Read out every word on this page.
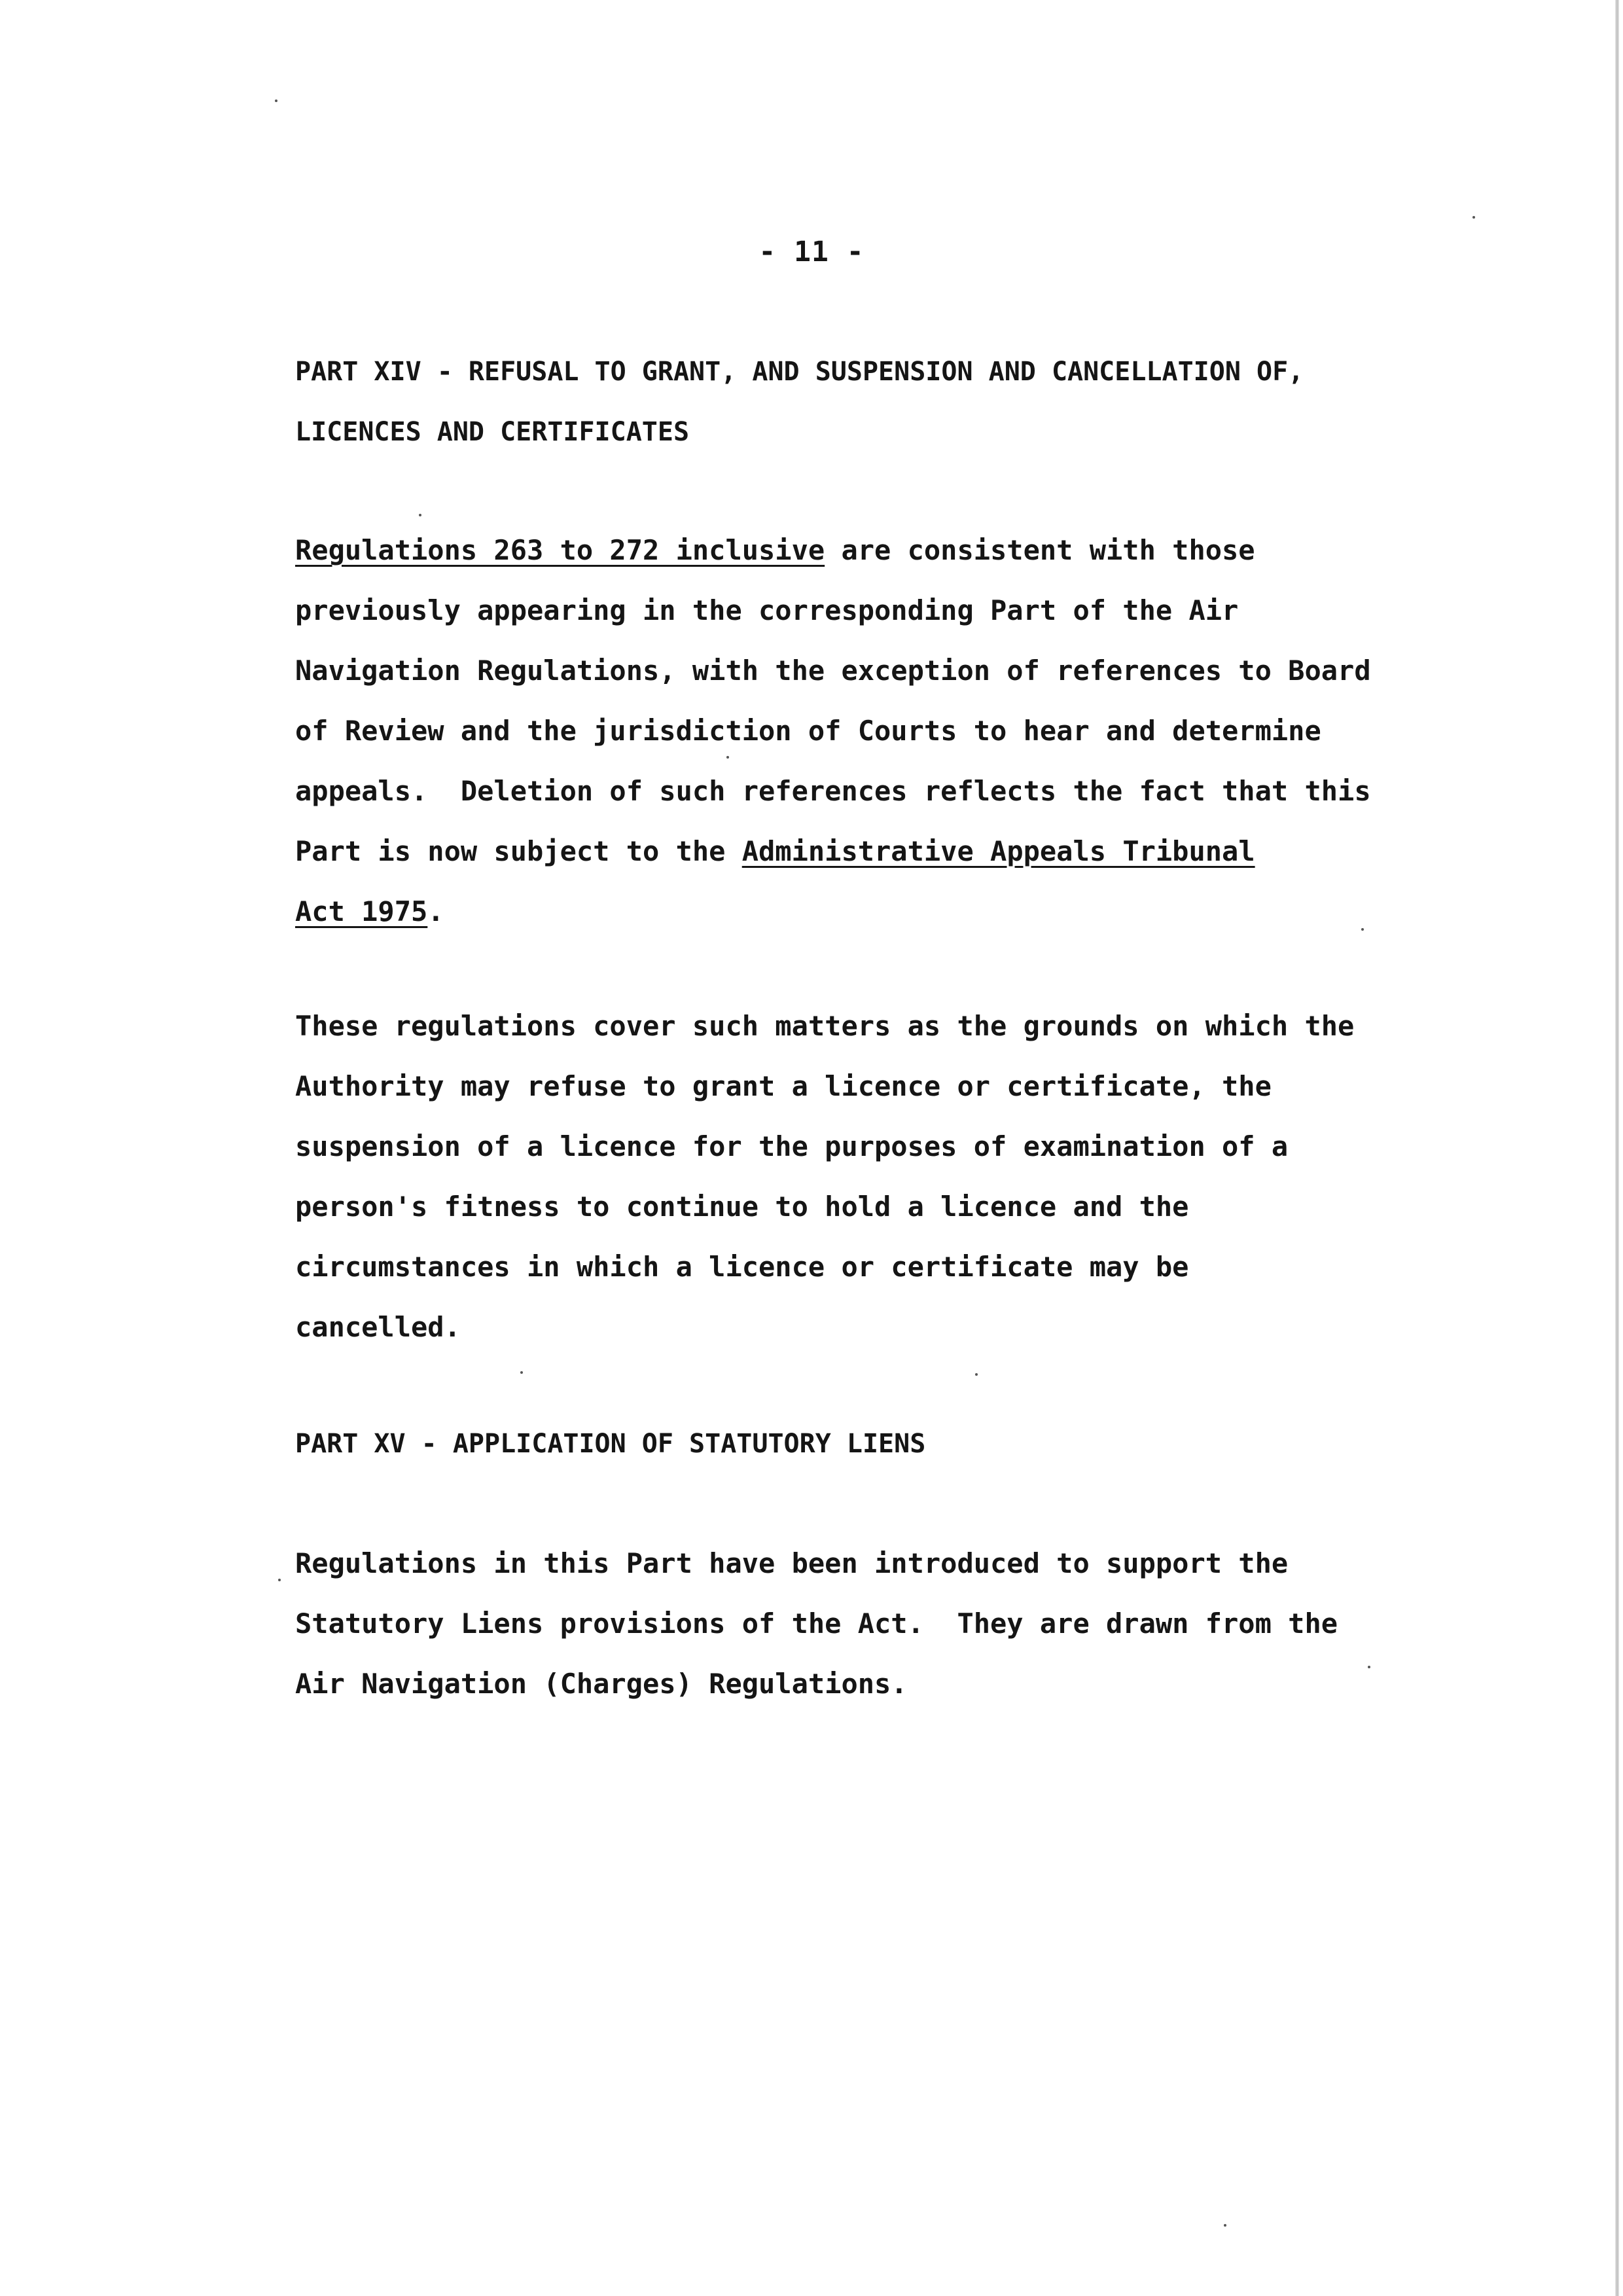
- 11 -
PART XIV - REFUSAL TO GRANT, AND SUSPENSION AND CANCELLATION OF,
LICENCES AND CERTIFICATES
Regulations 263 to 272 inclusive are consistent with those
previously appearing in the corresponding Part of the Air
Navigation Regulations, with the exception of references to Board
of Review and the jurisdiction of Courts to hear and determine
appeals.  Deletion of such references reflects the fact that this
Part is now subject to the Administrative Appeals Tribunal
Act 1975.
These regulations cover such matters as the grounds on which the
Authority may refuse to grant a licence or certificate, the
suspension of a licence for the purposes of examination of a
person's fitness to continue to hold a licence and the
circumstances in which a licence or certificate may be
cancelled.
PART XV - APPLICATION OF STATUTORY LIENS
Regulations in this Part have been introduced to support the
Statutory Liens provisions of the Act.  They are drawn from the
Air Navigation (Charges) Regulations.
